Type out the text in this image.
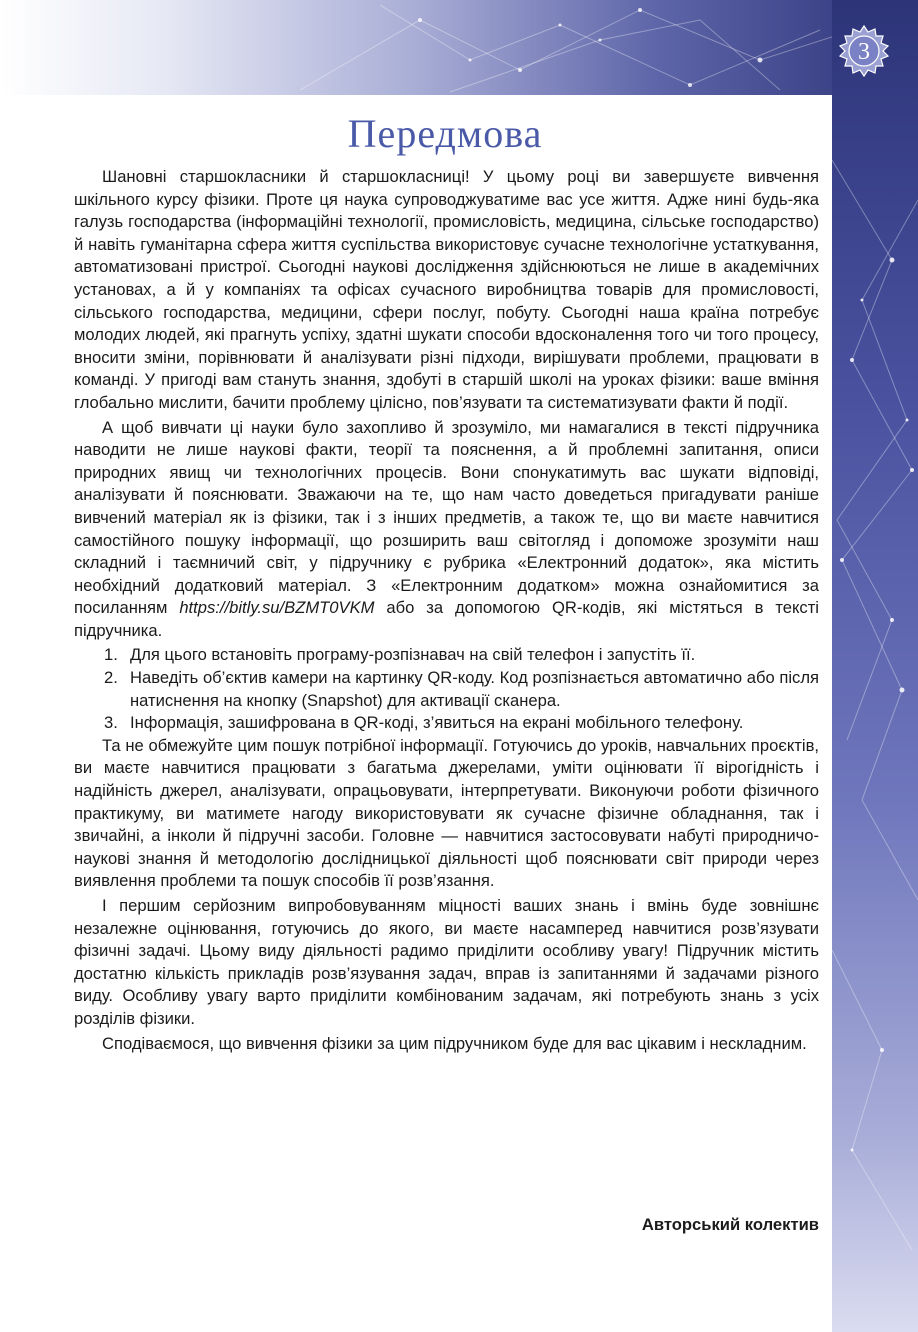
3
Передмова

Шановні старшокласники й старшокласниці! У цьому році ви завершуєте вивчення шкільного курсу фізики. Проте ця наука супроводжуватиме вас усе життя. Адже нині будь-яка галузь господарства (інформаційні технології, промисловість, медицина, сільське господарство) й навіть гуманітарна сфера життя суспільства використовує сучасне технологічне устаткування, автоматизовані пристрої. Сьогодні наукові дослідження здійснюються не лише в академічних установах, а й у компаніях та офісах сучасного виробництва товарів для промисловості, сільського господарства, медицини, сфери послуг, побуту. Сьогодні наша країна потребує молодих людей, які прагнуть успіху, здатні шукати способи вдосконалення того чи того процесу, вносити зміни, порівнювати й аналізувати різні підходи, вирішувати проблеми, працювати в команді. У пригоді вам стануть знання, здобуті в старшій школі на уроках фізики: ваше вміння глобально мислити, бачити проблему цілісно, пов’язувати та систематизувати факти й події.

А щоб вивчати ці науки було захопливо й зрозуміло, ми намагалися в тексті підручника наводити не лише наукові факти, теорії та пояснення, а й проблемні запитання, описи природних явищ чи технологічних процесів. Вони спонукатимуть вас шукати відповіді, аналізувати й пояснювати. Зважаючи на те, що нам часто доведеться пригадувати раніше вивчений матеріал як із фізики, так і з інших предметів, а також те, що ви маєте навчитися самостійного пошуку інформації, що розширить ваш світогляд і допоможе зрозуміти наш складний і таємничий світ, у підручнику є рубрика «Електронний додаток», яка містить необхідний додатковий матеріал. З «Електронним додатком» можна ознайомитися за посиланням https://bitly.su/BZMT0VKM або за допомогою QR-кодів, які містяться в тексті підручника.

1. Для цього встановіть програму-розпізнавач на свій телефон і запустіть її.
2. Наведіть об’єктив камери на картинку QR-коду. Код розпізнається автоматично або після натиснення на кнопку (Snapshot) для активації сканера.
3. Інформація, зашифрована в QR-коді, з’явиться на екрані мобільного телефону.

Та не обмежуйте цим пошук потрібної інформації. Готуючись до уроків, навчальних проєктів, ви маєте навчитися працювати з багатьма джерелами, уміти оцінювати її вірогідність і надійність джерел, аналізувати, опрацьовувати, інтерпретувати. Виконуючи роботи фізичного практикуму, ви матимете нагоду використовувати як сучасне фізичне обладнання, так і звичайні, а інколи й підручні засоби. Головне — навчитися застосовувати набуті природничо-наукові знання й методологію дослідницької діяльності щоб пояснювати світ природи через виявлення проблеми та пошук способів її розв’язання.

І першим серйозним випробовуванням міцності ваших знань і вмінь буде зовнішнє незалежне оцінювання, готуючись до якого, ви маєте насамперед навчитися розв’язувати фізичні задачі. Цьому виду діяльності радимо приділити особливу увагу! Підручник містить достатню кількість прикладів розв’язування задач, вправ із запитаннями й задачами різного виду. Особливу увагу варто приділити комбінованим задачам, які потребують знань з усіх розділів фізики.

Сподіваємося, що вивчення фізики за цим підручником буде для вас цікавим і нескладним.

Авторський колектив
